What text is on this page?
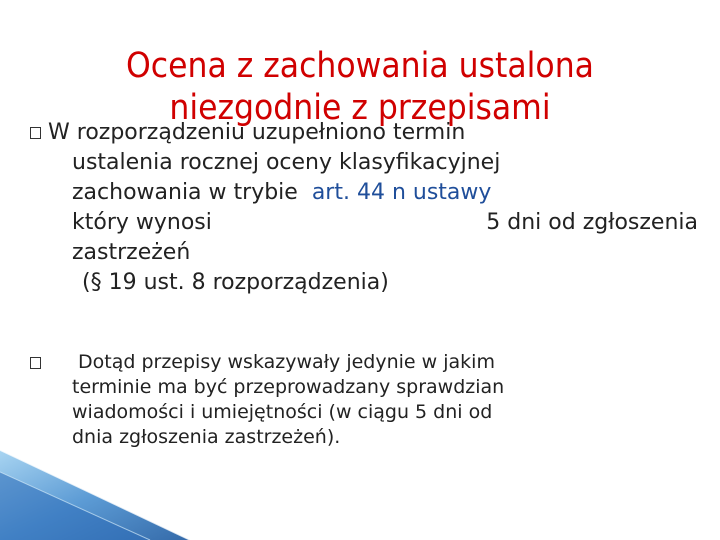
Ocena z zachowania ustalona
niezgodnie z przepisami
W rozporządzeniu uzupełniono termin
ustalenia rocznej oceny klasyfikacyjnej
zachowania w trybie art. 44 n ustawy
który wynosi	5 dni od zgłoszenia
zastrzeżeń
(§ 19 ust. 8 rozporządzenia)
Dotąd przepisy wskazywały jedynie w jakim
terminie ma być przeprowadzany sprawdzian
wiadomości i umiejętności (w ciągu 5 dni od
dnia zgłoszenia zastrzeżeń).
